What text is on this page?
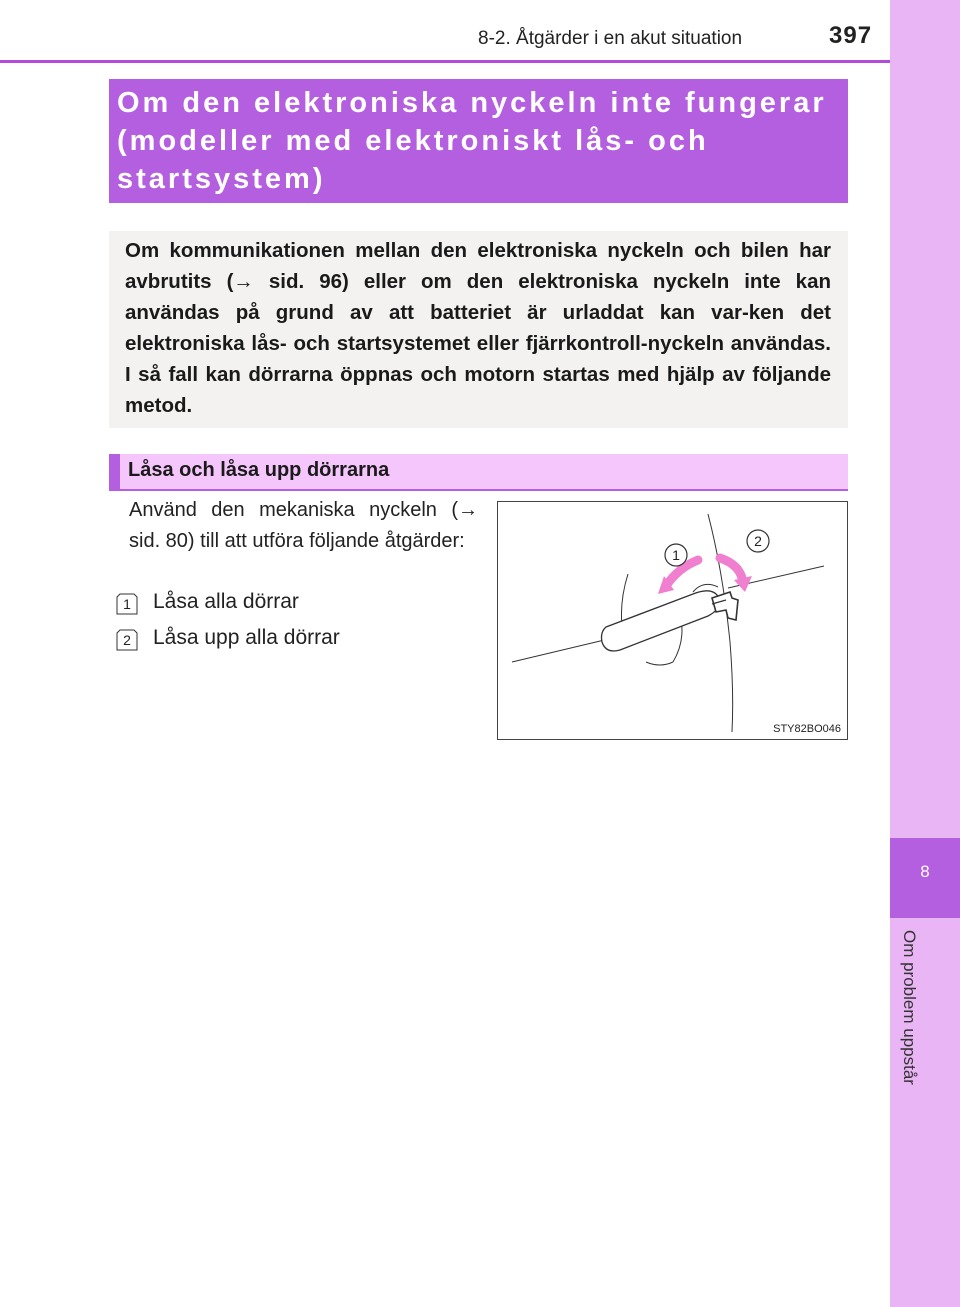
8-2. Åtgärder i en akut situation	397
8
Om problem uppstår
Om den elektroniska nyckeln inte fungerar (modeller med elektroniskt lås- och startsystem)

Om kommunikationen mellan den elektroniska nyckeln och bilen har avbrutits (→ sid. 96) eller om den elektroniska nyckeln inte kan användas på grund av att batteriet är urladdat kan var-ken det elektroniska lås- och startsystemet eller fjärrkontroll-nyckeln användas. I så fall kan dörrarna öppnas och motorn startas med hjälp av följande metod.

Låsa och låsa upp dörrarna

Använd den mekaniska nyckeln (→ sid. 80) till att utföra följande åtgärder:

1 Låsa alla dörrar
2 Låsa upp alla dörrar
1
2
STY82BO046
